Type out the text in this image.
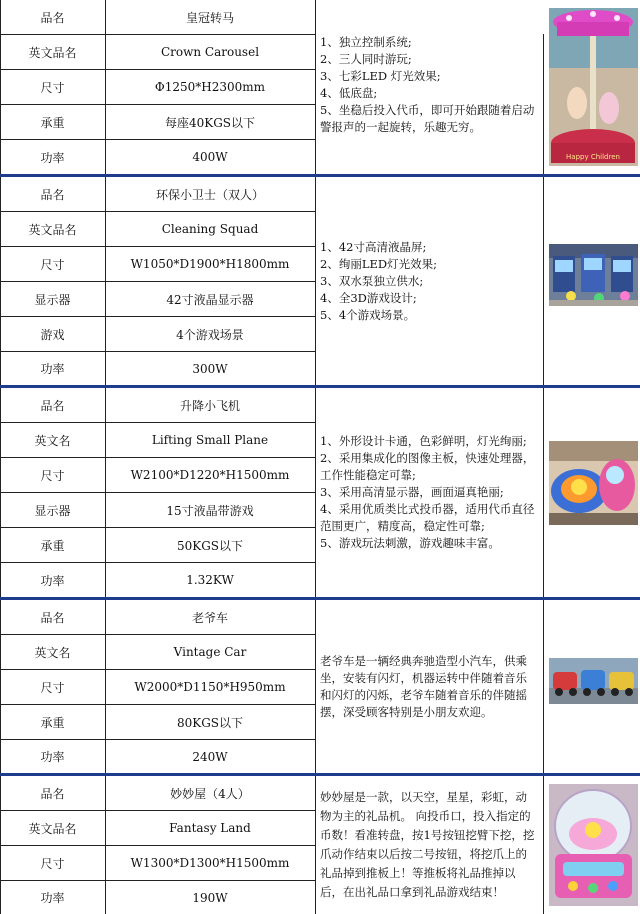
品名	皇冠转马
英文品名	Crown Carousel
尺寸	Φ1250*H2300mm
承重	每座40KGS以下
功率	400W
1、独立控制系统;
2、三人同时游玩;
3、七彩LED 灯光效果;
4、低底盘;
5、坐稳后投入代币，即可开始跟随着启动
警报声的一起旋转，乐趣无穷。
Happy Children
品名	环保小卫士（双人）
英文品名	Cleaning Squad
尺寸	W1050*D1900*H1800mm
显示器	42寸液晶显示器
游戏	4个游戏场景
功率	300W
1、42寸高清液晶屏;
2、绚丽LED灯光效果;
3、双水泵独立供水;
4、全3D游戏设计;
5、4个游戏场景。
品名	升降小飞机
英文名	Lifting Small Plane
尺寸	W2100*D1220*H1500mm
显示器	15寸液晶带游戏
承重	50KGS以下
功率	1.32KW
1、外形设计卡通，色彩鲜明，灯光绚丽;
2、采用集成化的图像主板，快速处理器，
工作性能稳定可靠;
3、采用高清显示器，画面逼真艳丽;
4、采用优质类比式投币器，适用代币直径
范围更广，精度高，稳定性可靠;
5、游戏玩法刺激，游戏趣味丰富。
品名	老爷车
英文名	Vintage Car
尺寸	W2000*D1150*H950mm
承重	80KGS以下
功率	240W
老爷车是一辆经典奔驰造型小汽车，供乘
坐，安装有闪灯，机器运转中伴随着音乐
和闪灯的闪烁，老爷车随着音乐的伴随摇
摆，深受顾客特别是小朋友欢迎。
品名	妙妙屋（4人）
英文品名	Fantasy Land
尺寸	W1300*D1300*H1500mm
功率	190W
妙妙屋是一款，以天空，星星，彩虹，动
物为主的礼品机。 向投币口，投入指定的
币数！看准转盘，按1号按钮挖臂下挖，挖
爪动作结束以后按二号按钮，将挖爪上的
礼品掉到推板上！等推板将礼品推掉以
后，在出礼品口拿到礼品游戏结束！
